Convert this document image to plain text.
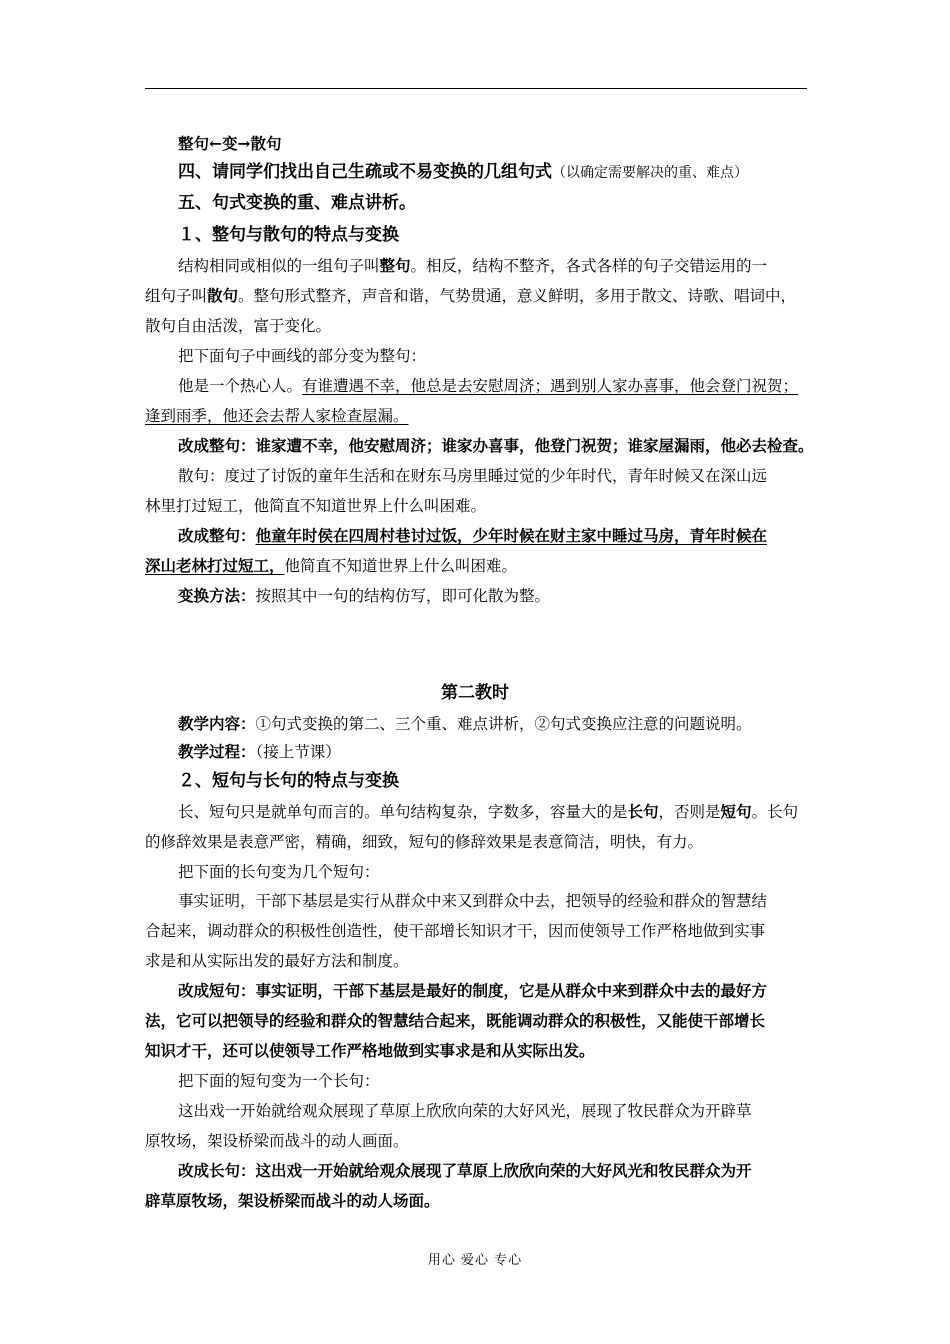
整句←变→散句
四、请同学们找出自己生疏或不易变换的几组句式（以确定需要解决的重、难点）
五、句式变换的重、难点讲析。
１、整句与散句的特点与变换
结构相同或相似的一组句子叫整句。相反，结构不整齐，各式各样的句子交错运用的一
组句子叫散句。整句形式整齐，声音和谐，气势贯通，意义鲜明，多用于散文、诗歌、唱词中，
散句自由活泼，富于变化。
把下面句子中画线的部分变为整句：
他是一个热心人。有谁遭遇不幸，他总是去安慰周济；遇到别人家办喜事，他会登门祝贺；
逢到雨季，他还会去帮人家检查屋漏。
改成整句：谁家遭不幸，他安慰周济；谁家办喜事，他登门祝贺；谁家屋漏雨，他必去检查。
散句：度过了讨饭的童年生活和在财东马房里睡过觉的少年时代，青年时候又在深山远
林里打过短工，他简直不知道世界上什么叫困难。
改成整句：他童年时侯在四周村巷讨过饭，少年时候在财主家中睡过马房，青年时候在
深山老林打过短工，他简直不知道世界上什么叫困难。
变换方法：按照其中一句的结构仿写，即可化散为整。
第二教时
教学内容：①句式变换的第二、三个重、难点讲析，②句式变换应注意的问题说明。
教学过程：（接上节课）
２、短句与长句的特点与变换
长、短句只是就单句而言的。单句结构复杂，字数多，容量大的是长句，否则是短句。长句
的修辞效果是表意严密，精确，细致，短句的修辞效果是表意简洁，明快，有力。
把下面的长句变为几个短句：
事实证明，干部下基层是实行从群众中来又到群众中去，把领导的经验和群众的智慧结
合起来，调动群众的积极性创造性，使干部增长知识才干，因而使领导工作严格地做到实事
求是和从实际出发的最好方法和制度。
改成短句：事实证明，干部下基层是最好的制度，它是从群众中来到群众中去的最好方
法，它可以把领导的经验和群众的智慧结合起来，既能调动群众的积极性，又能使干部增长
知识才干，还可以使领导工作严格地做到实事求是和从实际出发。
把下面的短句变为一个长句：
这出戏一开始就给观众展现了草原上欣欣向荣的大好风光，展现了牧民群众为开辟草
原牧场，架设桥梁而战斗的动人画面。
改成长句：这出戏一开始就给观众展现了草原上欣欣向荣的大好风光和牧民群众为开
辟草原牧场，架设桥梁而战斗的动人场面。
用心 爱心 专心
